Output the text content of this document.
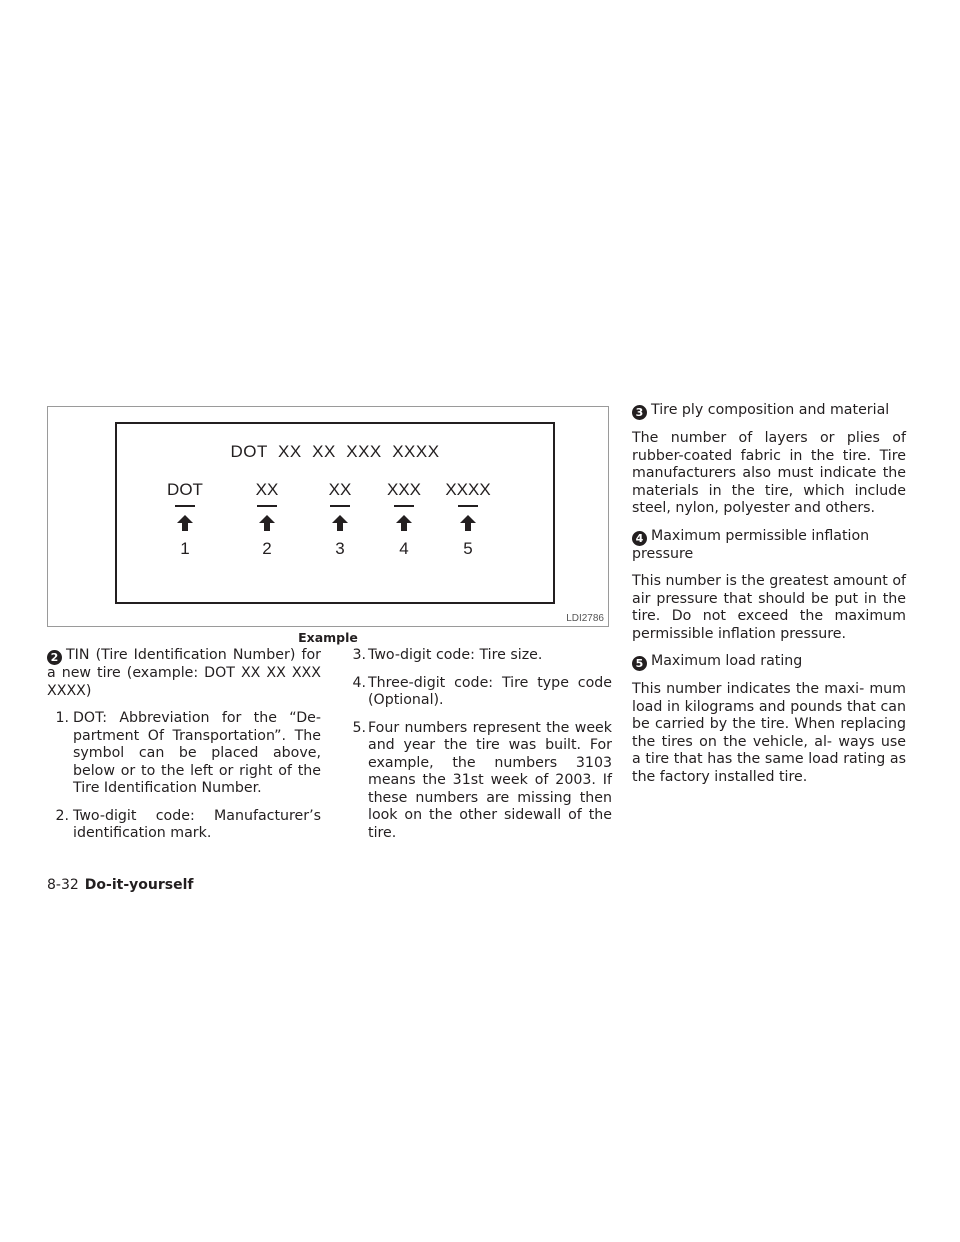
DOT  XX  XX  XXX  XXXX
DOT
1
XX
2
XX
3
XXX
4
XXXX
5
LDI2786
Example

2 TIN (Tire Identification Number) for a new tire (example: DOT XX XX XXX XXXX)

1. DOT: Abbreviation for the “De- partment Of Transportation”. The symbol can be placed above, below or to the left or right of the Tire Identification Number.
2. Two-digit code: Manufacturer’s identification mark.
3. Two-digit code: Tire size.
4. Three-digit code: Tire type code (Optional).
5. Four numbers represent the week and year the tire was built. For example, the numbers 3103 means the 31st week of 2003. If these numbers are missing then look on the other sidewall of the tire.

3 Tire ply composition and material

The number of layers or plies of rubber-coated fabric in the tire. Tire manufacturers also must indicate the materials in the tire, which include steel, nylon, polyester and others.

4 Maximum permissible inflation pressure

This number is the greatest amount of air pressure that should be put in the tire. Do not exceed the maximum permissible inflation pressure.

5 Maximum load rating

This number indicates the maxi- mum load in kilograms and pounds that can be carried by the tire. When replacing the tires on the vehicle, al- ways use a tire that has the same load rating as the factory installed tire.

8-32 Do-it-yourself
